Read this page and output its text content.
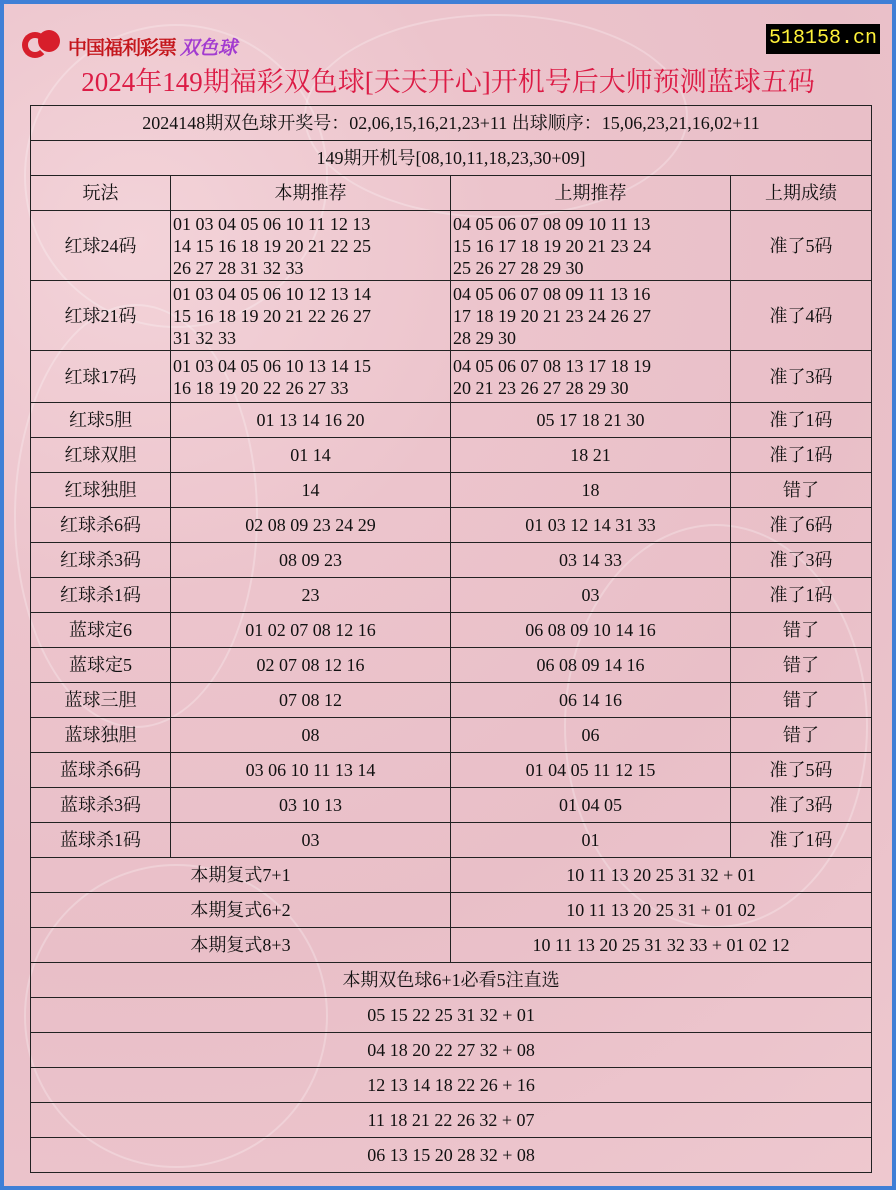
中国福利彩票 双色球	518158.cn
2024年149期福彩双色球[天天开心]开机号后大师预测蓝球五码
2024148期双色球开奖号：02,06,15,16,21,23+11 出球顺序：15,06,23,21,16,02+11			
149期开机号[08,10,11,18,23,30+09]			
玩法	本期推荐	上期推荐	上期成绩
红球24码	01 03 04 05 06 10 11 12 13
14 15 16 18 19 20 21 22 25
26 27 28 31 32 33	04 05 06 07 08 09 10 11 13
15 16 17 18 19 20 21 23 24
25 26 27 28 29 30	准了5码
红球21码	01 03 04 05 06 10 12 13 14
15 16 18 19 20 21 22 26 27
31 32 33	04 05 06 07 08 09 11 13 16
17 18 19 20 21 23 24 26 27
28 29 30	准了4码
红球17码	01 03 04 05 06 10 13 14 15
16 18 19 20 22 26 27 33	04 05 06 07 08 13 17 18 19
20 21 23 26 27 28 29 30	准了3码
红球5胆	01 13 14 16 20	05 17 18 21 30	准了1码
红球双胆	01 14	18 21	准了1码
红球独胆	14	18	错了
红球杀6码	02 08 09 23 24 29	01 03 12 14 31 33	准了6码
红球杀3码	08 09 23	03 14 33	准了3码
红球杀1码	23	03	准了1码
蓝球定6	01 02 07 08 12 16	06 08 09 10 14 16	错了
蓝球定5	02 07 08 12 16	06 08 09 14 16	错了
蓝球三胆	07 08 12	06 14 16	错了
蓝球独胆	08	06	错了
蓝球杀6码	03 06 10 11 13 14	01 04 05 11 12 15	准了5码
蓝球杀3码	03 10 13	01 04 05	准了3码
蓝球杀1码	03	01	准了1码
本期复式7+1		10 11 13 20 25 31 32 + 01	
本期复式6+2		10 11 13 20 25 31 + 01 02	
本期复式8+3		10 11 13 20 25 31 32 33 + 01 02 12	
本期双色球6+1必看5注直选			
05 15 22 25 31 32 + 01			
04 18 20 22 27 32 + 08			
12 13 14 18 22 26 + 16			
11 18 21 22 26 32 + 07			
06 13 15 20 28 32 + 08			
